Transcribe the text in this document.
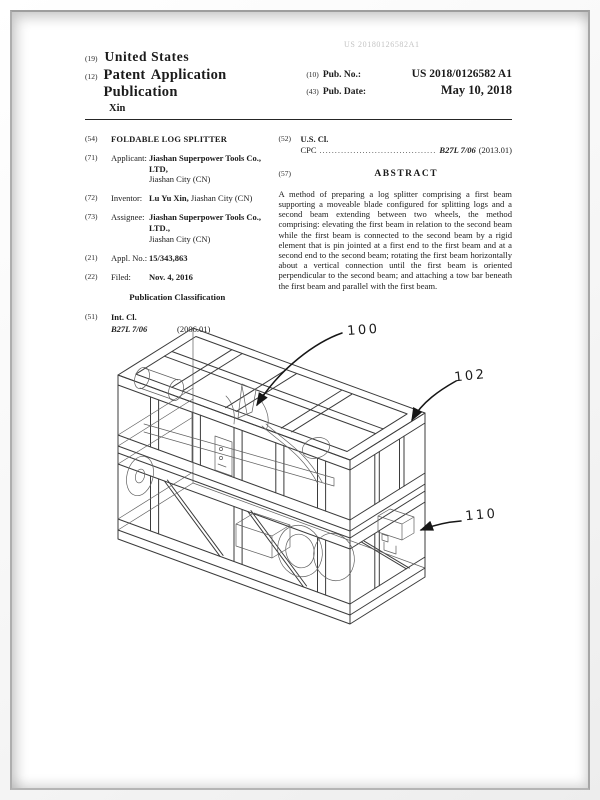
US 20180126582A1
(19) United States
(12) Patent Application Publication
Xin
(10) Pub. No.:	US 2018/0126582 A1
(43) Pub. Date:	May 10, 2018
(54)	FOLDABLE LOG SPLITTER
(71)	Applicant: Jiashan Superpower Tools Co., LTD,
Jiashan City (CN)
(72)	Inventor: Lu Yu Xin, Jiashan City (CN)
(73)	Assignee: Jiashan Superpower Tools Co., LTD.,
Jiashan City (CN)
(21)	Appl. No.: 15/343,863
(22)	Filed:	Nov. 4, 2016
Publication Classification
(51)	Int. Cl.
B27L 7/06	(2006.01)
(52)	U.S. Cl.
CPC ...................................... B27L 7/06 (2013.01)
(57)	ABSTRACT
A method of preparing a log splitter comprising a first beam supporting a moveable blade configured for splitting logs and a second beam extending between two wheels, the method comprising: elevating the first beam in relation to the second beam while the first beam is connected to the second beam by a rigid element that is pin jointed at a first end to the first beam and at a second end to the second beam; rotating the first beam horizontally about a vertical connection until the first beam is oriented perpendicular to the second beam; and attaching a tow bar beneath the first beam and parallel with the first beam.
100
102
110
